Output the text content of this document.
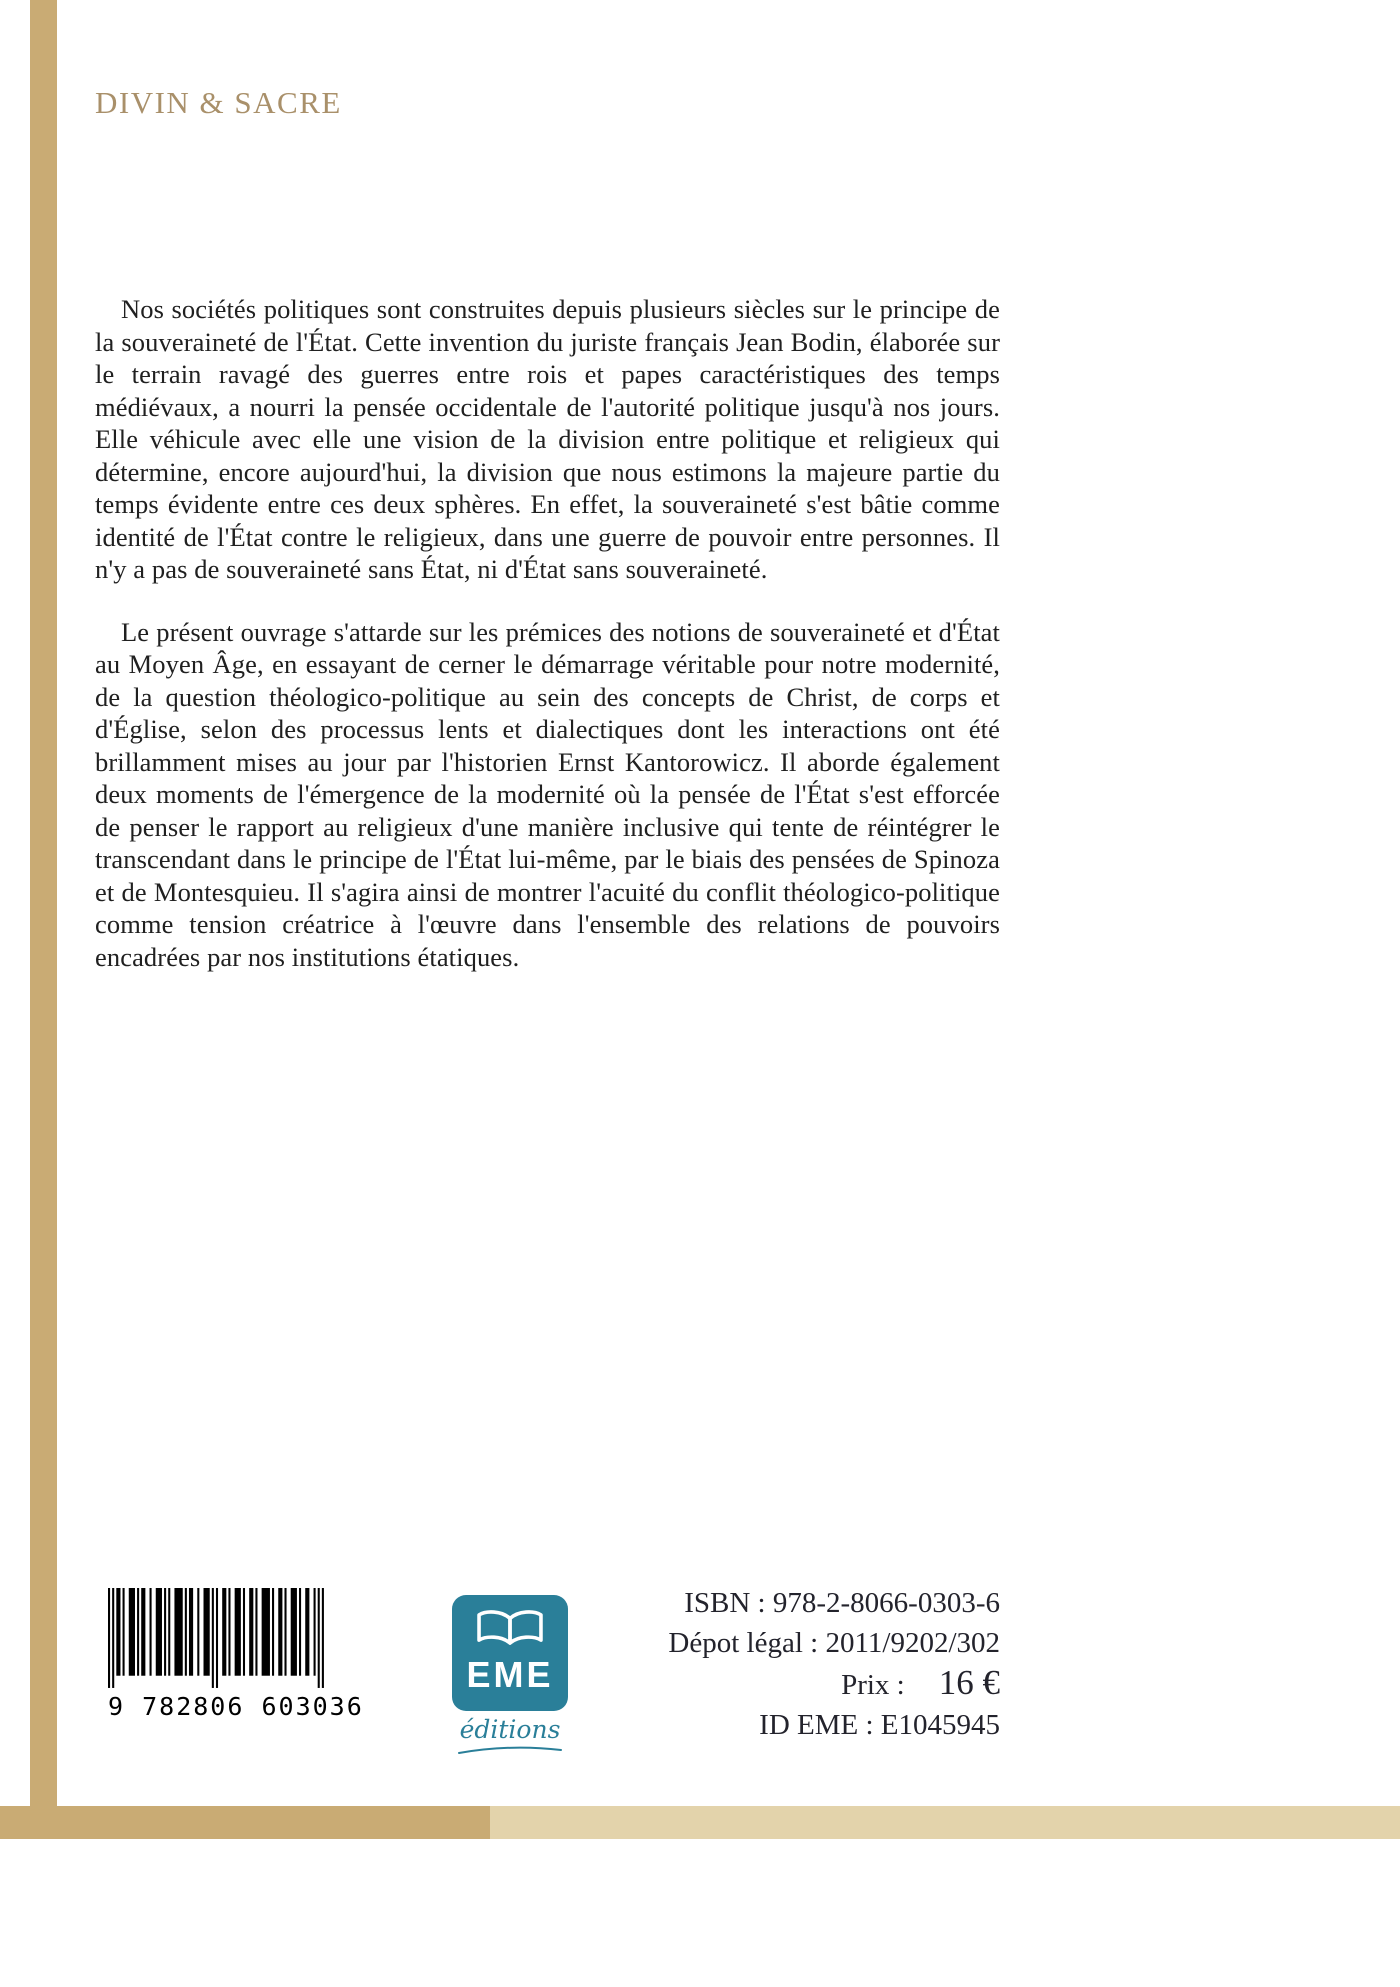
DIVIN & SACRE

Nos sociétés politiques sont construites depuis plusieurs siècles sur le principe de la souveraineté de l'État. Cette invention du juriste français Jean Bodin, élaborée sur le terrain ravagé des guerres entre rois et papes caractéristiques des temps médiévaux, a nourri la pensée occidentale de l'autorité politique jusqu'à nos jours. Elle véhicule avec elle une vision de la division entre politique et religieux qui détermine, encore aujourd'hui, la division que nous estimons la majeure partie du temps évidente entre ces deux sphères. En effet, la souveraineté s'est bâtie comme identité de l'État contre le religieux, dans une guerre de pouvoir entre personnes. Il n'y a pas de souveraineté sans État, ni d'État sans souveraineté.

Le présent ouvrage s'attarde sur les prémices des notions de souveraineté et d'État au Moyen Âge, en essayant de cerner le démarrage véritable pour notre modernité, de la question théologico-politique au sein des concepts de Christ, de corps et d'Église, selon des processus lents et dialectiques dont les interactions ont été brillamment mises au jour par l'historien Ernst Kantorowicz. Il aborde également deux moments de l'émergence de la modernité où la pensée de l'État s'est efforcée de penser le rapport au religieux d'une manière inclusive qui tente de réintégrer le transcendant dans le principe de l'État lui-même, par le biais des pensées de Spinoza et de Montesquieu. Il s'agira ainsi de montrer l'acuité du conflit théologico-politique comme tension créatrice à l'œuvre dans l'ensemble des relations de pouvoirs encadrées par nos institutions étatiques.

9 782806 603036
EME
éditions
ISBN : 978-2-8066-0303-6
Dépot légal : 2011/9202/302
Prix : 16 €
ID EME : E1045945
